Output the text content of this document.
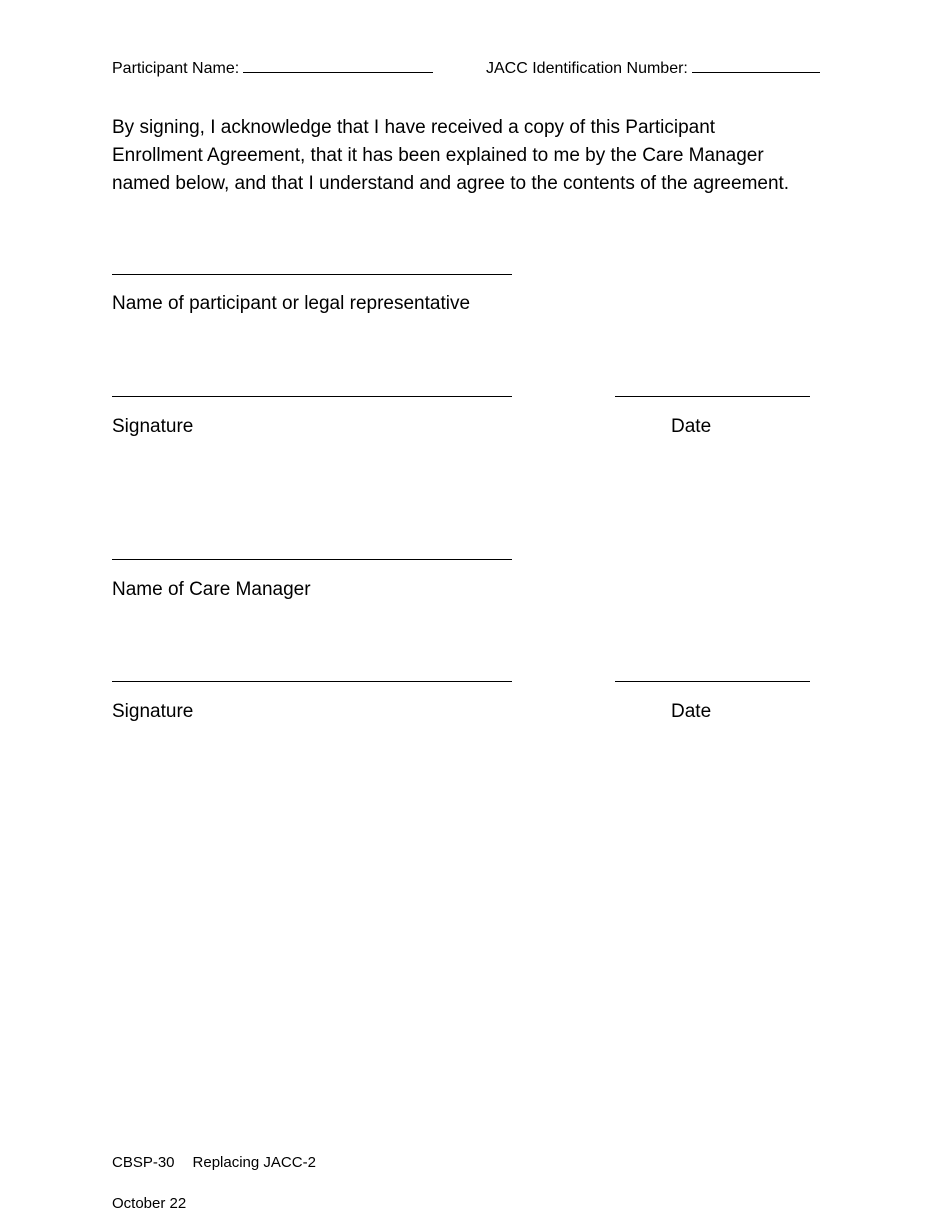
Participant Name:	JACC Identification Number:
By signing, I acknowledge that I have received a copy of this Participant
Enrollment Agreement, that it has been explained to me by the Care Manager
named below, and that I understand and agree to the contents of the agreement.
Name of participant or legal representative
Signature	Date
Name of Care Manager
Signature	Date
CBSP-30 Replacing JACC-2
October 22
